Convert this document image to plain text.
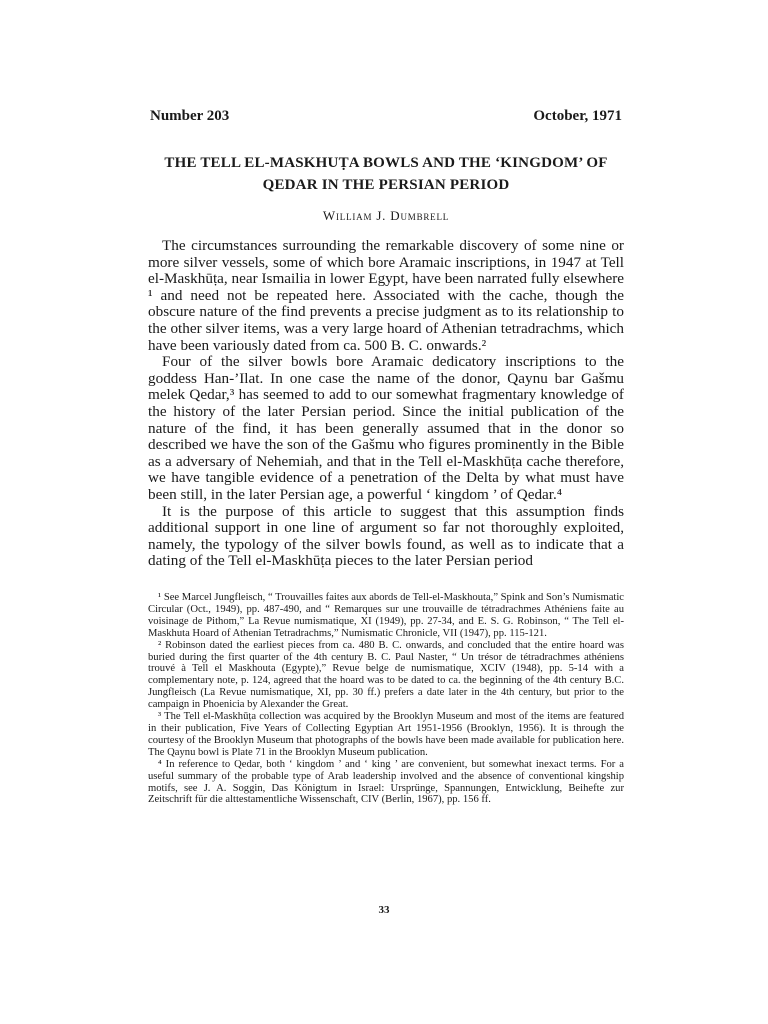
Number 203	October, 1971
THE TELL EL-MASKHUṬA BOWLS AND THE ‘KINGDOM’ OF QEDAR IN THE PERSIAN PERIOD
William J. Dumbrell

The circumstances surrounding the remarkable discovery of some nine or more silver vessels, some of which bore Aramaic inscriptions, in 1947 at Tell el-Maskhūṭa, near Ismailia in lower Egypt, have been narrated fully elsewhere ¹ and need not be repeated here. Associated with the cache, though the obscure nature of the find prevents a precise judgment as to its relationship to the other silver items, was a very large hoard of Athenian tetradrachms, which have been variously dated from ca. 500 B. C. onwards.²

Four of the silver bowls bore Aramaic dedicatory inscriptions to the goddess Han-’Ilat. In one case the name of the donor, Qaynu bar Gašmu melek Qedar,³ has seemed to add to our somewhat fragmentary knowledge of the history of the later Persian period. Since the initial publication of the nature of the find, it has been generally assumed that in the donor so described we have the son of the Gašmu who figures prominently in the Bible as a adversary of Nehemiah, and that in the Tell el-Maskhūṭa cache therefore, we have tangible evidence of a penetration of the Delta by what must have been still, in the later Persian age, a powerful ‘ kingdom ’ of Qedar.⁴

It is the purpose of this article to suggest that this assumption finds additional support in one line of argument so far not thoroughly exploited, namely, the typology of the silver bowls found, as well as to indicate that a dating of the Tell el-Maskhūṭa pieces to the later Persian period

¹ See Marcel Jungfleisch, “ Trouvailles faites aux abords de Tell-el-Maskhouta,” Spink and Son’s Numismatic Circular (Oct., 1949), pp. 487-490, and “ Remarques sur une trouvaille de tétradrachmes Athéniens faite au voisinage de Pithom,” La Revue numismatique, XI (1949), pp. 27-34, and E. S. G. Robinson, “ The Tell el-Maskhuta Hoard of Athenian Tetradrachms,” Numismatic Chronicle, VII (1947), pp. 115-121.

² Robinson dated the earliest pieces from ca. 480 B. C. onwards, and concluded that the entire hoard was buried during the first quarter of the 4th century B. C. Paul Naster, “ Un trésor de tétradrachmes athéniens trouvé à Tell el Maskhouta (Egypte),” Revue belge de numismatique, XCIV (1948), pp. 5-14 with a complementary note, p. 124, agreed that the hoard was to be dated to ca. the beginning of the 4th century B.C. Jungfleisch (La Revue numismatique, XI, pp. 30 ff.) prefers a date later in the 4th century, but prior to the campaign in Phoenicia by Alexander the Great.

³ The Tell el-Maskhūṭa collection was acquired by the Brooklyn Museum and most of the items are featured in their publication, Five Years of Collecting Egyptian Art 1951-1956 (Brooklyn, 1956). It is through the courtesy of the Brooklyn Museum that photographs of the bowls have been made available for publication here. The Qaynu bowl is Plate 71 in the Brooklyn Museum publication.

⁴ In reference to Qedar, both ‘ kingdom ’ and ‘ king ’ are convenient, but somewhat inexact terms. For a useful summary of the probable type of Arab leadership involved and the absence of conventional kingship motifs, see J. A. Soggin, Das Königtum in Israel: Ursprünge, Spannungen, Entwicklung, Beihefte zur Zeitschrift für die alttestamentliche Wissenschaft, CIV (Berlin, 1967), pp. 156 ff.

33
